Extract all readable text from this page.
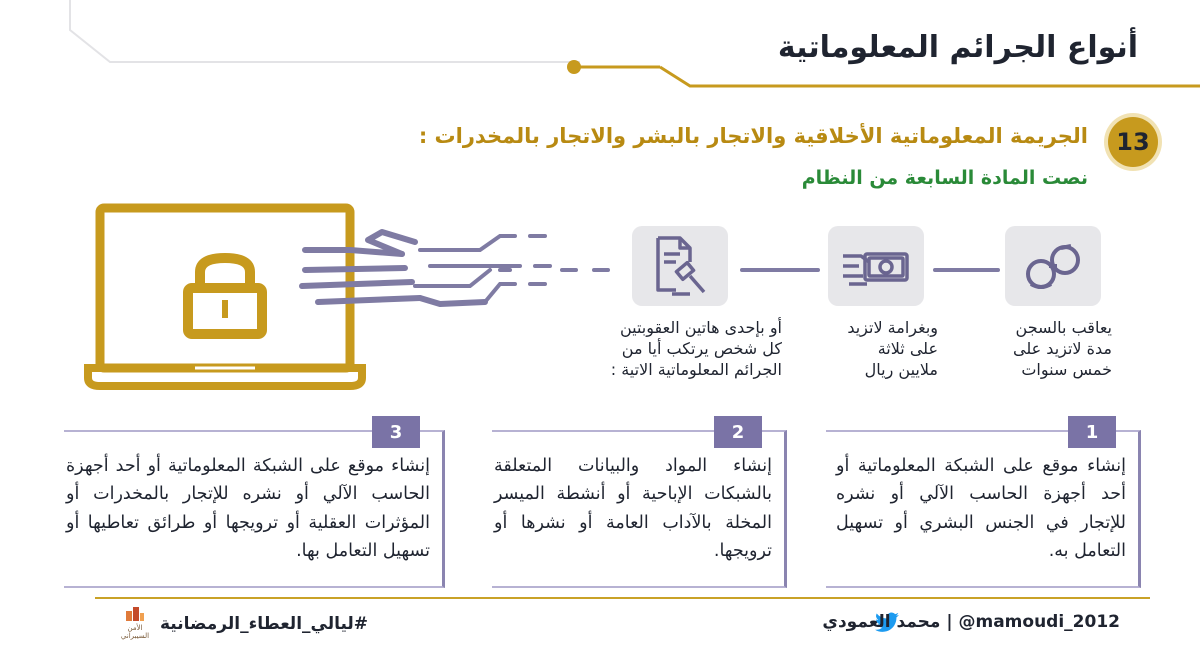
أنواع الجرائم المعلوماتية
13
الجريمة المعلوماتية الأخلاقية والاتجار بالبشر والاتجار بالمخدرات :
نصت المادة السابعة من النظام
يعاقب بالسجن
مدة لاتزيد على
خمس سنوات
وبغرامة لاتزيد
على ثلاثة
ملايين ريال
أو بإحدى هاتين العقوبتين
كل شخص يرتكب أيا من
الجرائم المعلوماتية الاتية :
1
إنشاء موقع على الشبكة المعلوماتية أو أحد أجهزة الحاسب الآلي أو نشره للإتجار في الجنس البشري أو تسهيل التعامل به.
2
إنشاء المواد والبيانات المتعلقة بالشبكات الإباحية أو أنشطة الميسر المخلة بالآداب العامة أو نشرها أو ترويجها.
3
إنشاء موقع على الشبكة المعلوماتية أو أحد أجهزة الحاسب الآلي أو نشره للإتجار بالمخدرات أو المؤثرات العقلية أو ترويجها أو طرائق تعاطيها أو تسهيل التعامل بها.
محمد العمودي | @mamoudi_2012
#ليالي_العطاء_الرمضانية
الأمن
السيبراني
